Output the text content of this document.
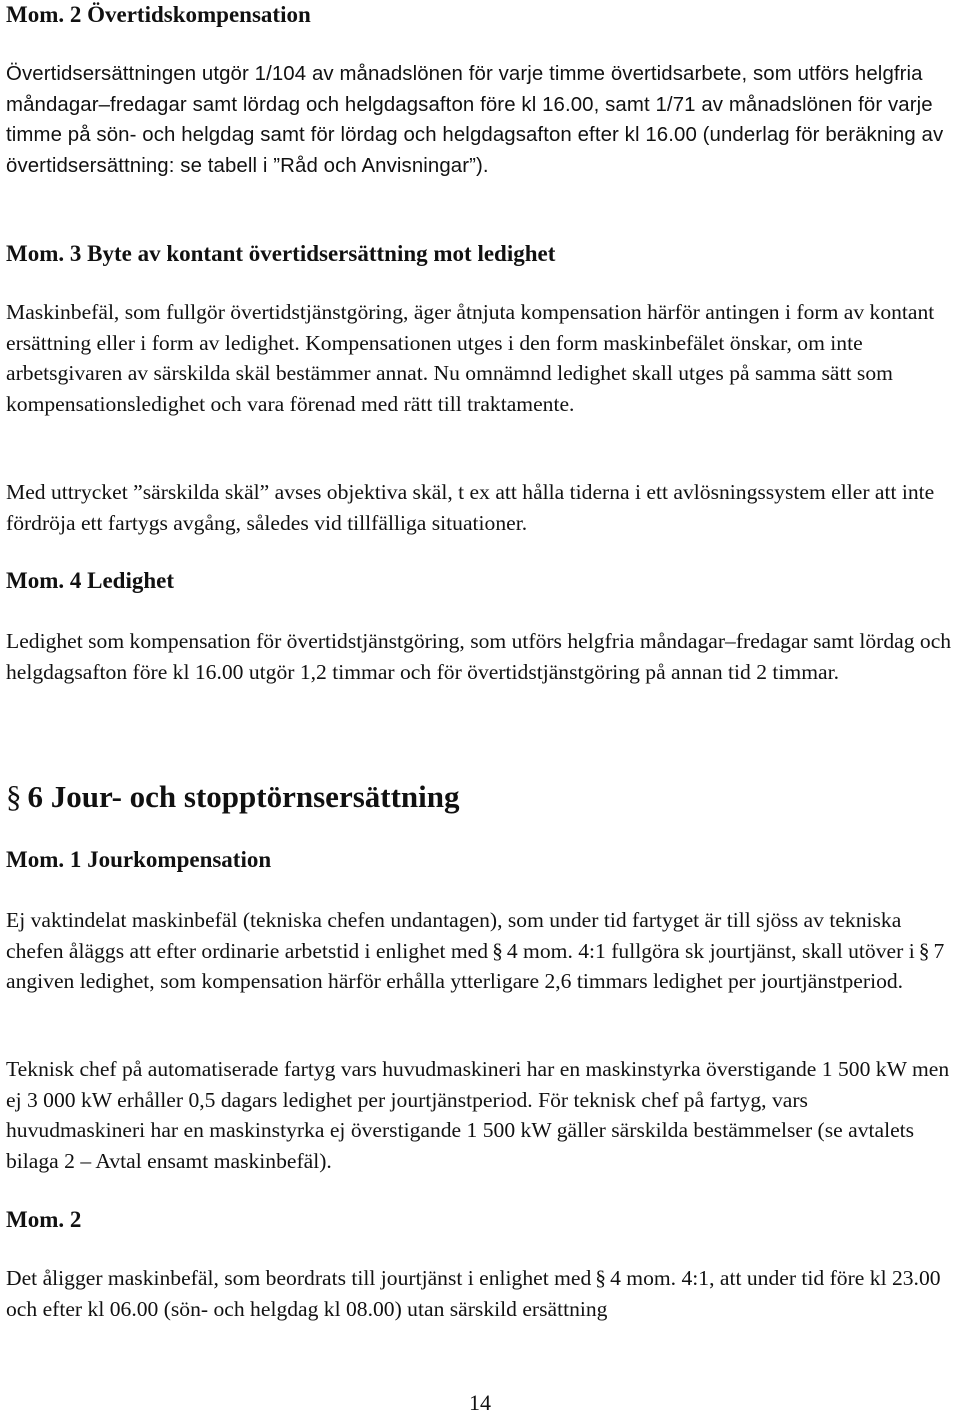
Mom. 2 Övertidskompensation

Övertidsersättningen utgör 1/104 av månadslönen för varje timme övertidsarbete, som utförs helgfria måndagar–fredagar samt lördag och helgdagsafton före kl 16.00, samt 1/71 av månadslönen för varje timme på sön- och helgdag samt för lördag och helgdagsafton efter kl 16.00 (underlag för beräkning av övertidsersättning: se tabell i ”Råd och Anvisningar”).

Mom. 3 Byte av kontant övertidsersättning mot ledighet

Maskinbefäl, som fullgör övertidstjänstgöring, äger åtnjuta kompensation härför antingen i form av kontant ersättning eller i form av ledighet. Kompensationen utges i den form maskinbefälet önskar, om inte arbetsgivaren av särskilda skäl bestämmer annat. Nu omnämnd ledighet skall utges på samma sätt som kompensationsledighet och vara förenad med rätt till traktamente.

Med uttrycket ”särskilda skäl” avses objektiva skäl, t ex att hålla tiderna i ett avlösningssystem eller att inte fördröja ett fartygs avgång, således vid tillfälliga situationer.

Mom. 4 Ledighet

Ledighet som kompensation för övertidstjänstgöring, som utförs helgfria måndagar–fredagar samt lördag och helgdagsafton före kl 16.00 utgör 1,2 timmar och för övertidstjänstgöring på annan tid 2 timmar.

§ 6 Jour- och stopptörnsersättning
Mom. 1 Jourkompensation

Ej vaktindelat maskinbefäl (tekniska chefen undantagen), som under tid fartyget är till sjöss av tekniska chefen åläggs att efter ordinarie arbetstid i enlighet med § 4 mom. 4:1 fullgöra sk jourtjänst, skall utöver i § 7 angiven ledighet, som kompensation härför erhålla ytterligare 2,6 timmars ledighet per jourtjänstperiod.

Teknisk chef på automatiserade fartyg vars huvudmaskineri har en maskinstyrka överstigande 1 500 kW men ej 3 000 kW erhåller 0,5 dagars ledighet per jourtjänstperiod. För teknisk chef på fartyg, vars huvudmaskineri har en maskinstyrka ej överstigande 1 500 kW gäller särskilda bestämmelser (se avtalets bilaga 2 – Avtal ensamt maskinbefäl).

Mom. 2

Det åligger maskinbefäl, som beordrats till jourtjänst i enlighet med § 4 mom. 4:1, att under tid före kl 23.00 och efter kl 06.00 (sön- och helgdag kl 08.00) utan särskild ersättning

14
